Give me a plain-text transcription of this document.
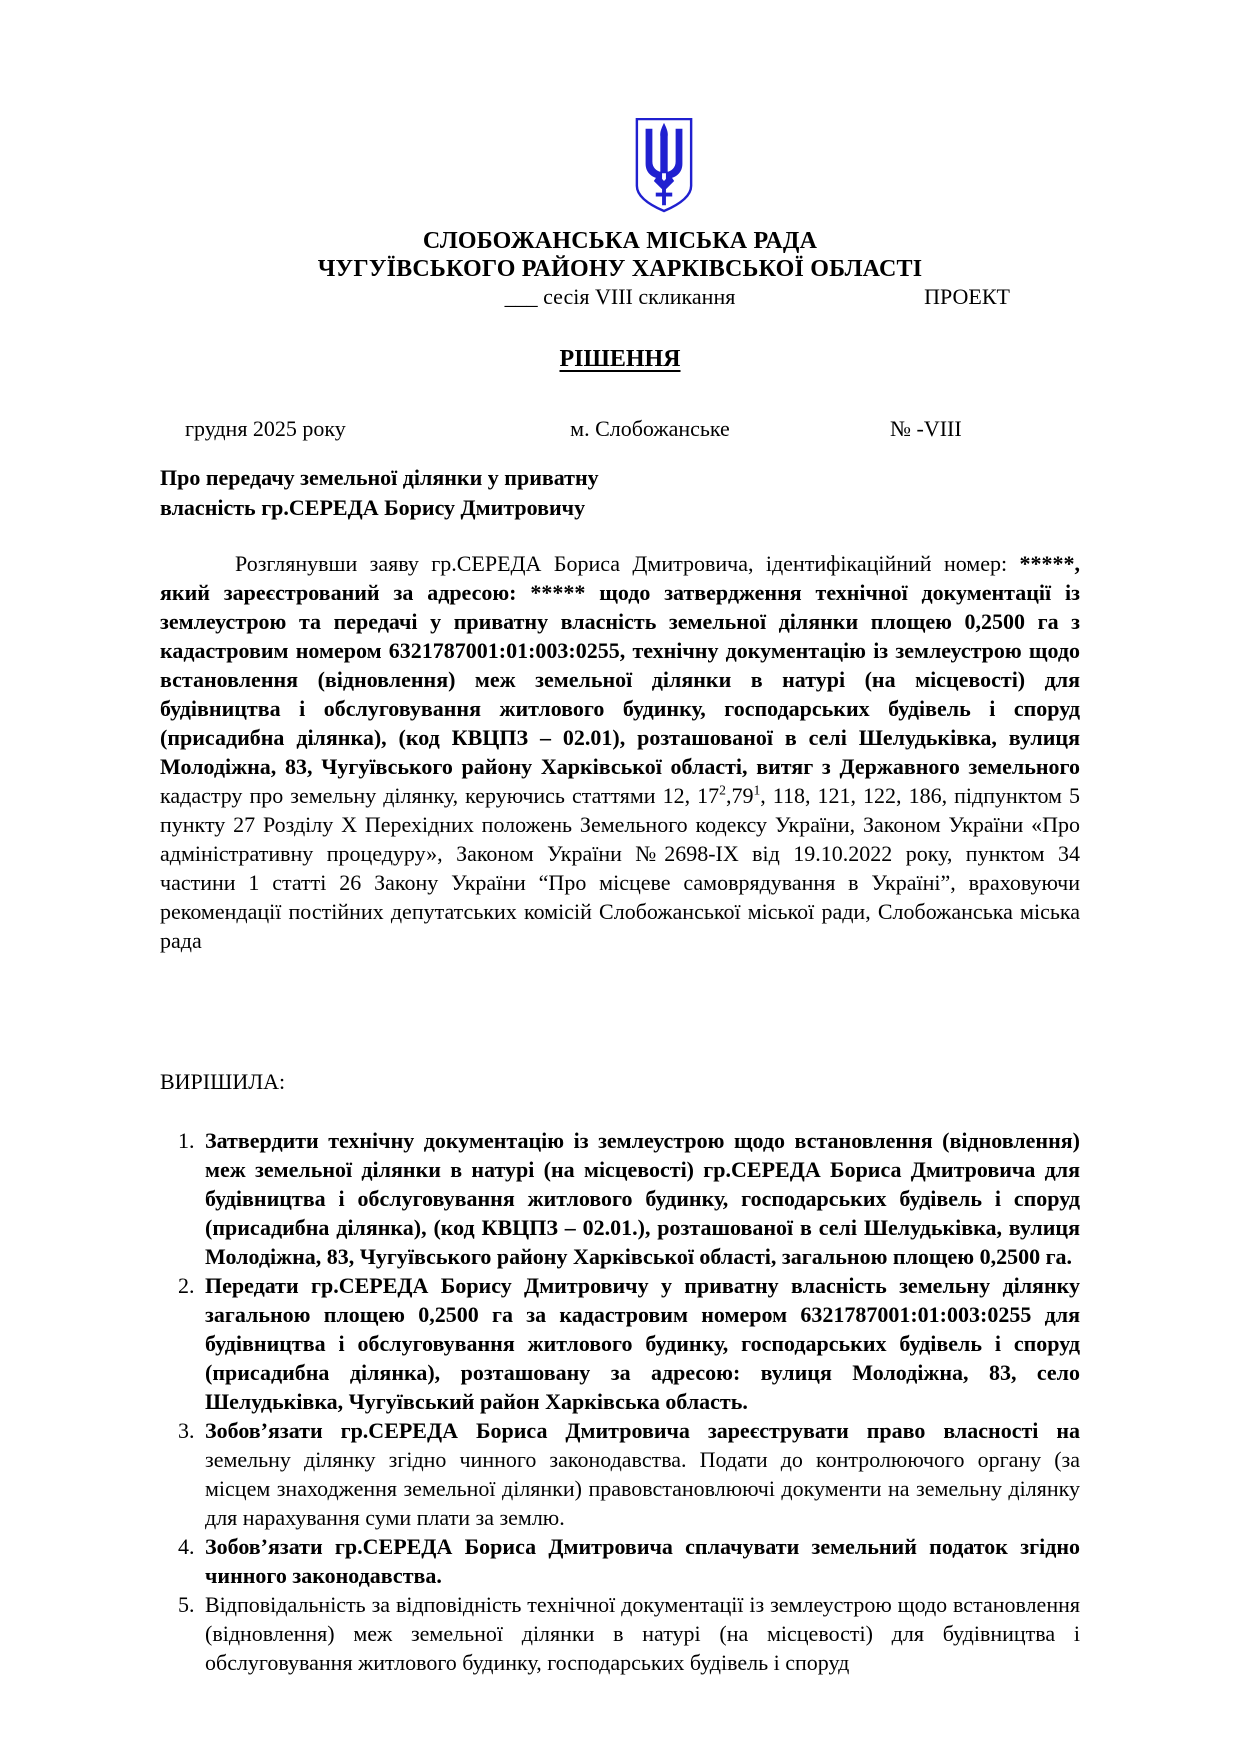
СЛОБОЖАНСЬКА МІСЬКА РАДА
ЧУГУЇВСЬКОГО РАЙОНУ ХАРКІВСЬКОЇ ОБЛАСТІ
___ сесія VIII скликання	ПРОЕКТ
РІШЕННЯ
грудня 2025 року	м. Слобожанське	№ -VIII
Про передачу земельної ділянки у приватну
власність гр.СЕРЕДА Борису Дмитровичу
Розглянувши заяву гр.СЕРЕДА Бориса Дмитровича, ідентифікаційний номер: *****, який зареєстрований за адресою: ***** щодо затвердження технічної документації із землеустрою та передачі у приватну власність земельної ділянки площею 0,2500 га з кадастровим номером 6321787001:01:003:0255, технічну документацію із землеустрою щодо встановлення (відновлення) меж земельної ділянки в натурі (на місцевості) для будівництва і обслуговування житлового будинку, господарських будівель і споруд (присадибна ділянка), (код КВЦПЗ – 02.01), розташованої в селі Шелудьківка, вулиця Молодіжна, 83, Чугуївського району Харківської області, витяг з Державного земельного кадастру про земельну ділянку, керуючись статтями 12, $17^2,79^1$, 118, 121, 122, 186, підпунктом 5 пункту 27 Розділу X Перехідних положень Земельного кодексу України, Законом України «Про адміністративну процедуру», Законом України №2698-IX від 19.10.2022 року, пунктом 34 частини 1 статті 26 Закону України “Про місцеве самоврядування в Україні”, враховуючи рекомендації постійних депутатських комісій Слобожанської міської ради, Слобожанська міська рада
ВИРІШИЛА:
1. Затвердити технічну документацію із землеустрою щодо встановлення (відновлення) меж земельної ділянки в натурі (на місцевості) гр.СЕРЕДА Бориса Дмитровича для будівництва і обслуговування житлового будинку, господарських будівель і споруд (присадибна ділянка), (код КВЦПЗ – 02.01.), розташованої в селі Шелудьківка, вулиця Молодіжна, 83, Чугуївського району Харківської області, загальною площею 0,2500 га.
2. Передати гр.СЕРЕДА Борису Дмитровичу у приватну власність земельну ділянку загальною площею 0,2500 га за кадастровим номером 6321787001:01:003:0255 для будівництва і обслуговування житлового будинку, господарських будівель і споруд (присадибна ділянка), розташовану за адресою: вулиця Молодіжна, 83, село Шелудьківка, Чугуївський район Харківська область.
3. Зобов’язати гр.СЕРЕДА Бориса Дмитровича зареєструвати право власності на земельну ділянку згідно чинного законодавства. Подати до контролюючого органу (за місцем знаходження земельної ділянки) правовстановлюючі документи на земельну ділянку для нарахування суми плати за землю.
4. Зобов’язати гр.СЕРЕДА Бориса Дмитровича сплачувати земельний податок згідно чинного законодавства.
5. Відповідальність за відповідність технічної документації із землеустрою щодо встановлення (відновлення) меж земельної ділянки в натурі (на місцевості) для будівництва і обслуговування житлового будинку, господарських будівель і споруд
